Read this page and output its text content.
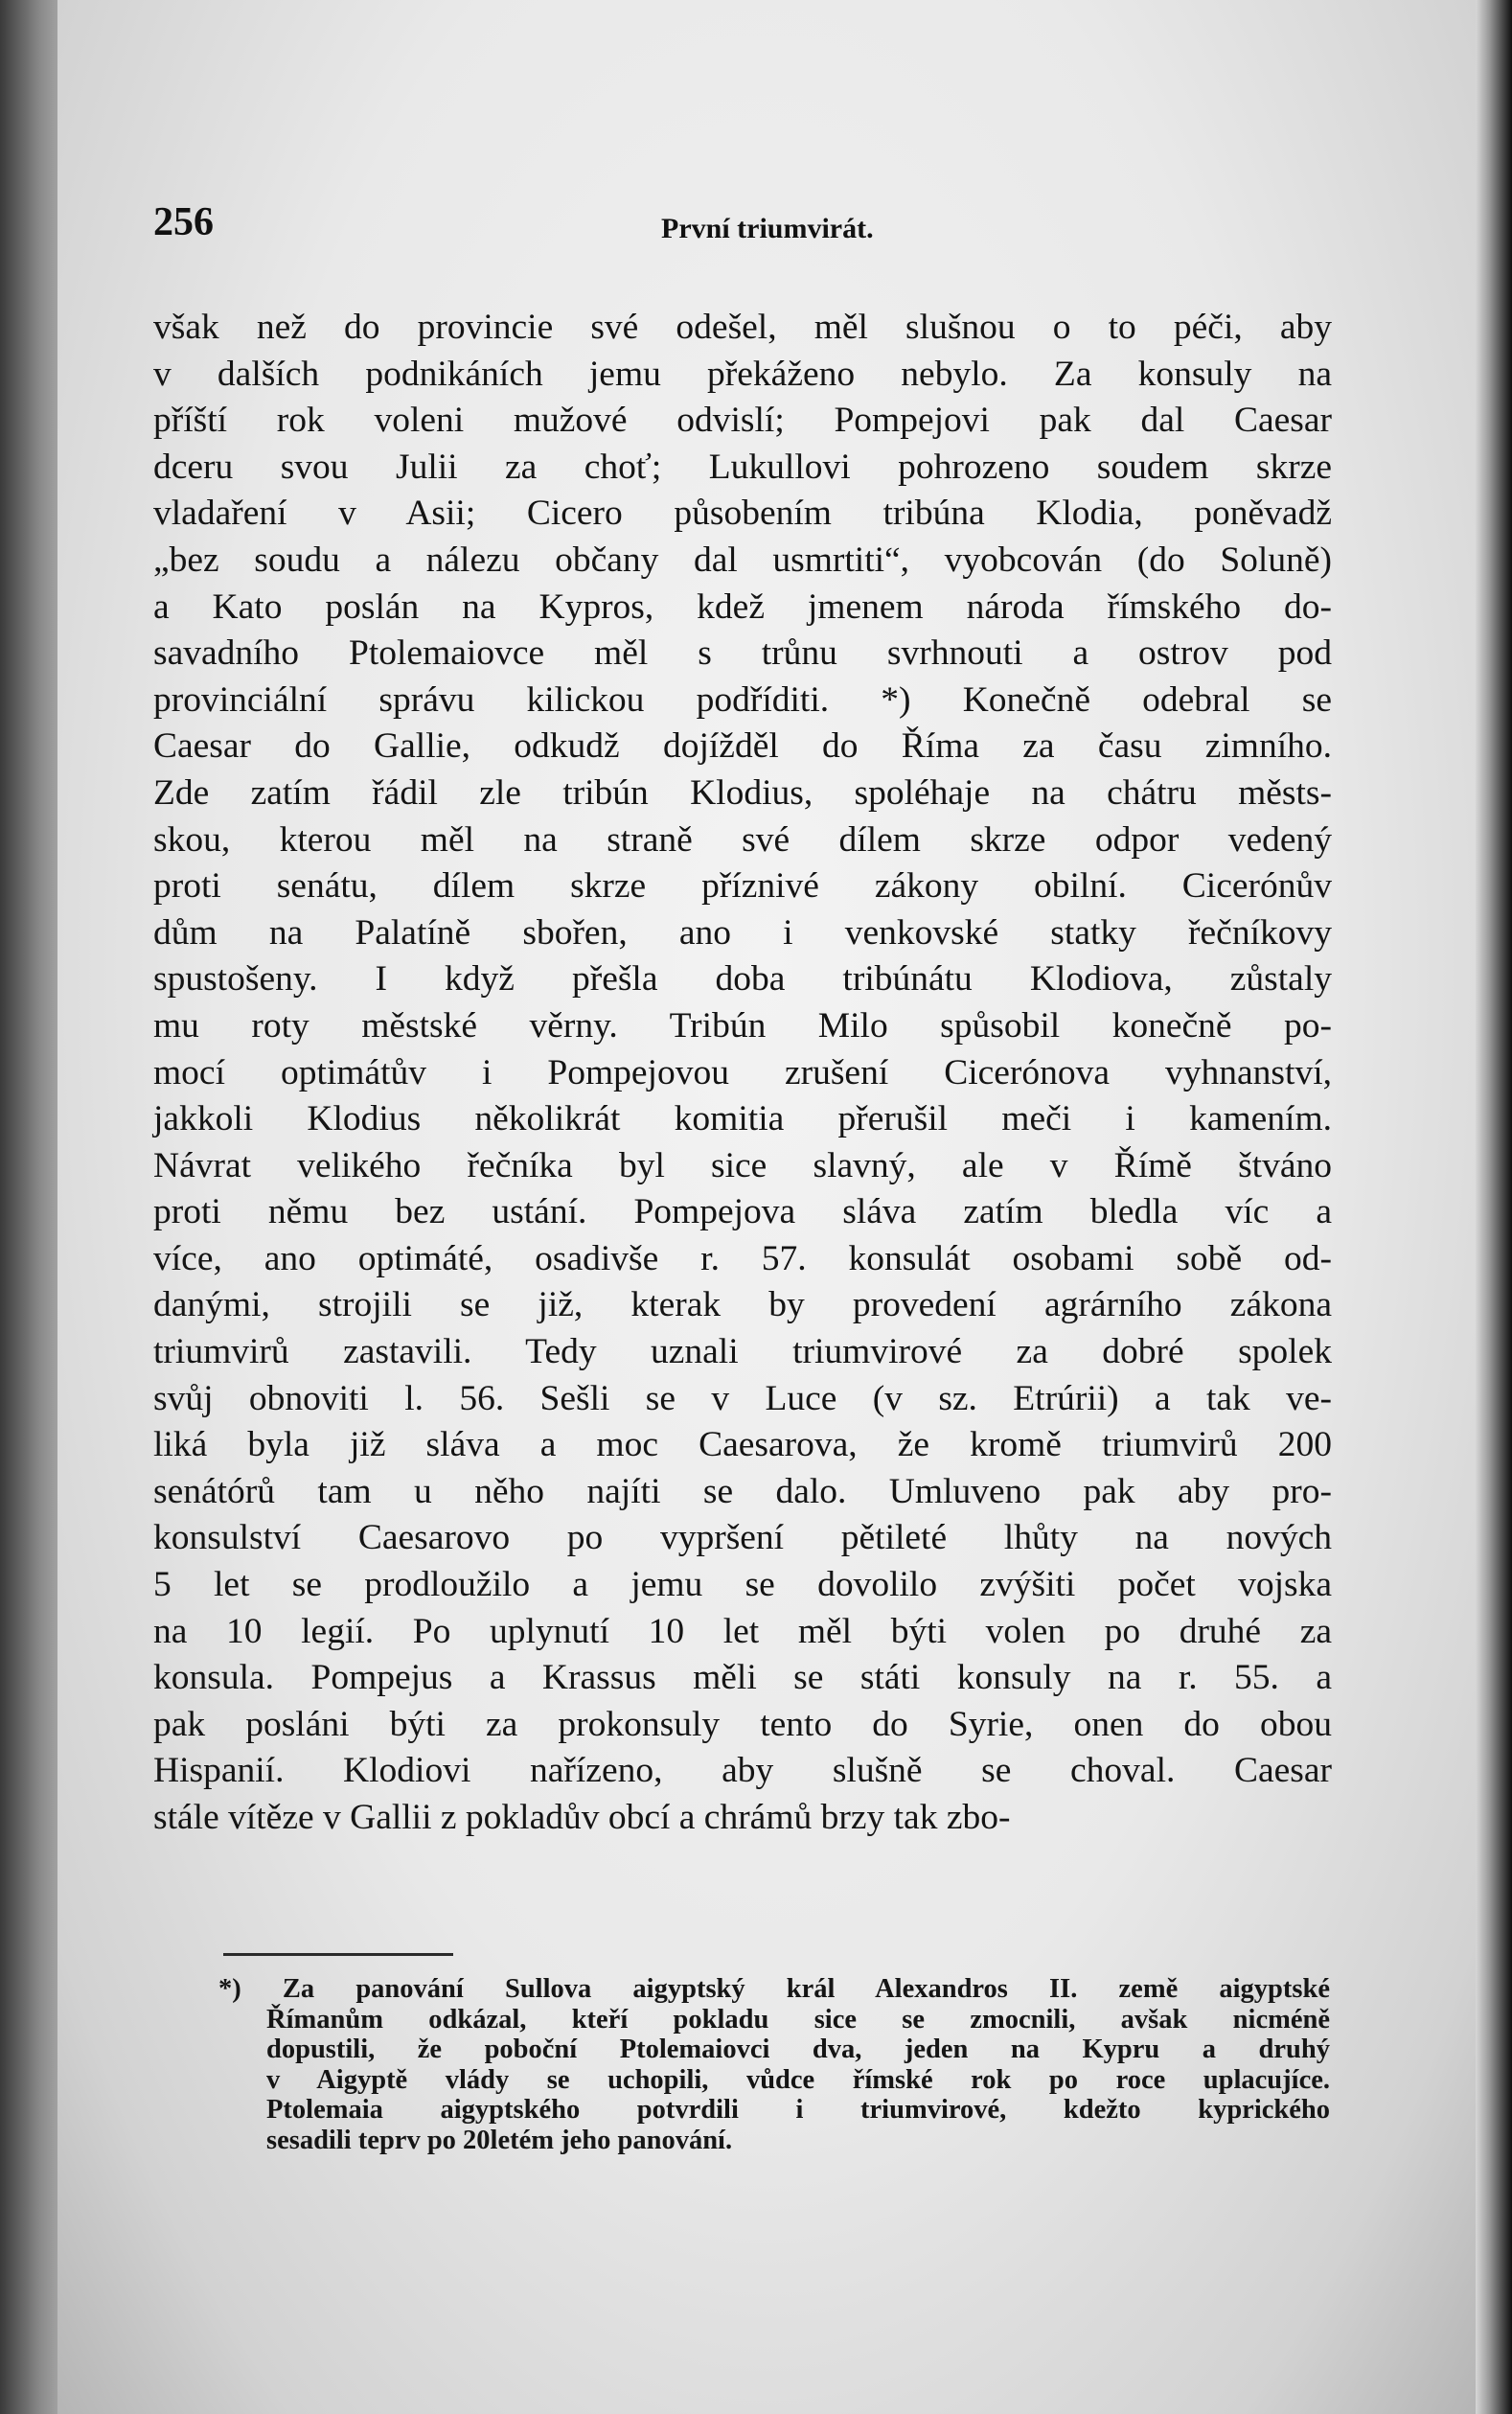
256	První triumvirát.
však než do provincie své odešel, měl slušnou o to péči, aby
v dalších podnikáních jemu překáženo nebylo. Za konsuly na
příští rok voleni mužové odvislí; Pompejovi pak dal Caesar
dceru svou Julii za choť; Lukullovi pohrozeno soudem skrze
vladaření v Asii; Cicero působením tribúna Klodia, poněvadž
„bez soudu a nálezu občany dal usmrtiti“, vyobcován (do Soluně)
a Kato poslán na Kypros, kdež jmenem národa římského do-
savadního Ptolemaiovce měl s trůnu svrhnouti a ostrov pod
provinciální správu kilickou podříditi. *) Konečně odebral se
Caesar do Gallie, odkudž dojížděl do Říma za času zimního.
Zde zatím řádil zle tribún Klodius, spoléhaje na chátru městs-
skou, kterou měl na straně své dílem skrze odpor vedený
proti senátu, dílem skrze příznivé zákony obilní. Cicerónův
dům na Palatíně sbořen, ano i venkovské statky řečníkovy
spustošeny. I když přešla doba tribúnátu Klodiova, zůstaly
mu roty městské věrny. Tribún Milo spůsobil konečně po-
mocí optimátův i Pompejovou zrušení Cicerónova vyhnanství,
jakkoli Klodius několikrát komitia přerušil meči i kamením.
Návrat velikého řečníka byl sice slavný, ale v Římě štváno
proti němu bez ustání. Pompejova sláva zatím bledla víc a
více, ano optimáté, osadivše r. 57. konsulát osobami sobě od-
danými, strojili se již, kterak by provedení agrárního zákona
triumvirů zastavili. Tedy uznali triumvirové za dobré spolek
svůj obnoviti l. 56. Sešli se v Luce (v sz. Etrúrii) a tak ve-
liká byla již sláva a moc Caesarova, že kromě triumvirů 200
senátórů tam u něho najíti se dalo. Umluveno pak aby pro-
konsulství Caesarovo po vypršení pětileté lhůty na nových
5 let se prodloužilo a jemu se dovolilo zvýšiti počet vojska
na 10 legií. Po uplynutí 10 let měl býti volen po druhé za
konsula. Pompejus a Krassus měli se státi konsuly na r. 55. a
pak posláni býti za prokonsuly tento do Syrie, onen do obou
Hispanií. Klodiovi nařízeno, aby slušně se choval. Caesar
stále vítěze v Gallii z pokladův obcí a chrámů brzy tak zbo-
*) Za panování Sullova aigyptský král Alexandros II. země aigyptské
Římanům odkázal, kteří pokladu sice se zmocnili, avšak nicméně
dopustili, že poboční Ptolemaiovci dva, jeden na Kypru a druhý
v Aigyptě vlády se uchopili, vůdce římské rok po roce uplacujíce.
Ptolemaia aigyptského potvrdili i triumvirové, kdežto kyprického
sesadili teprv po 20letém jeho panování.
